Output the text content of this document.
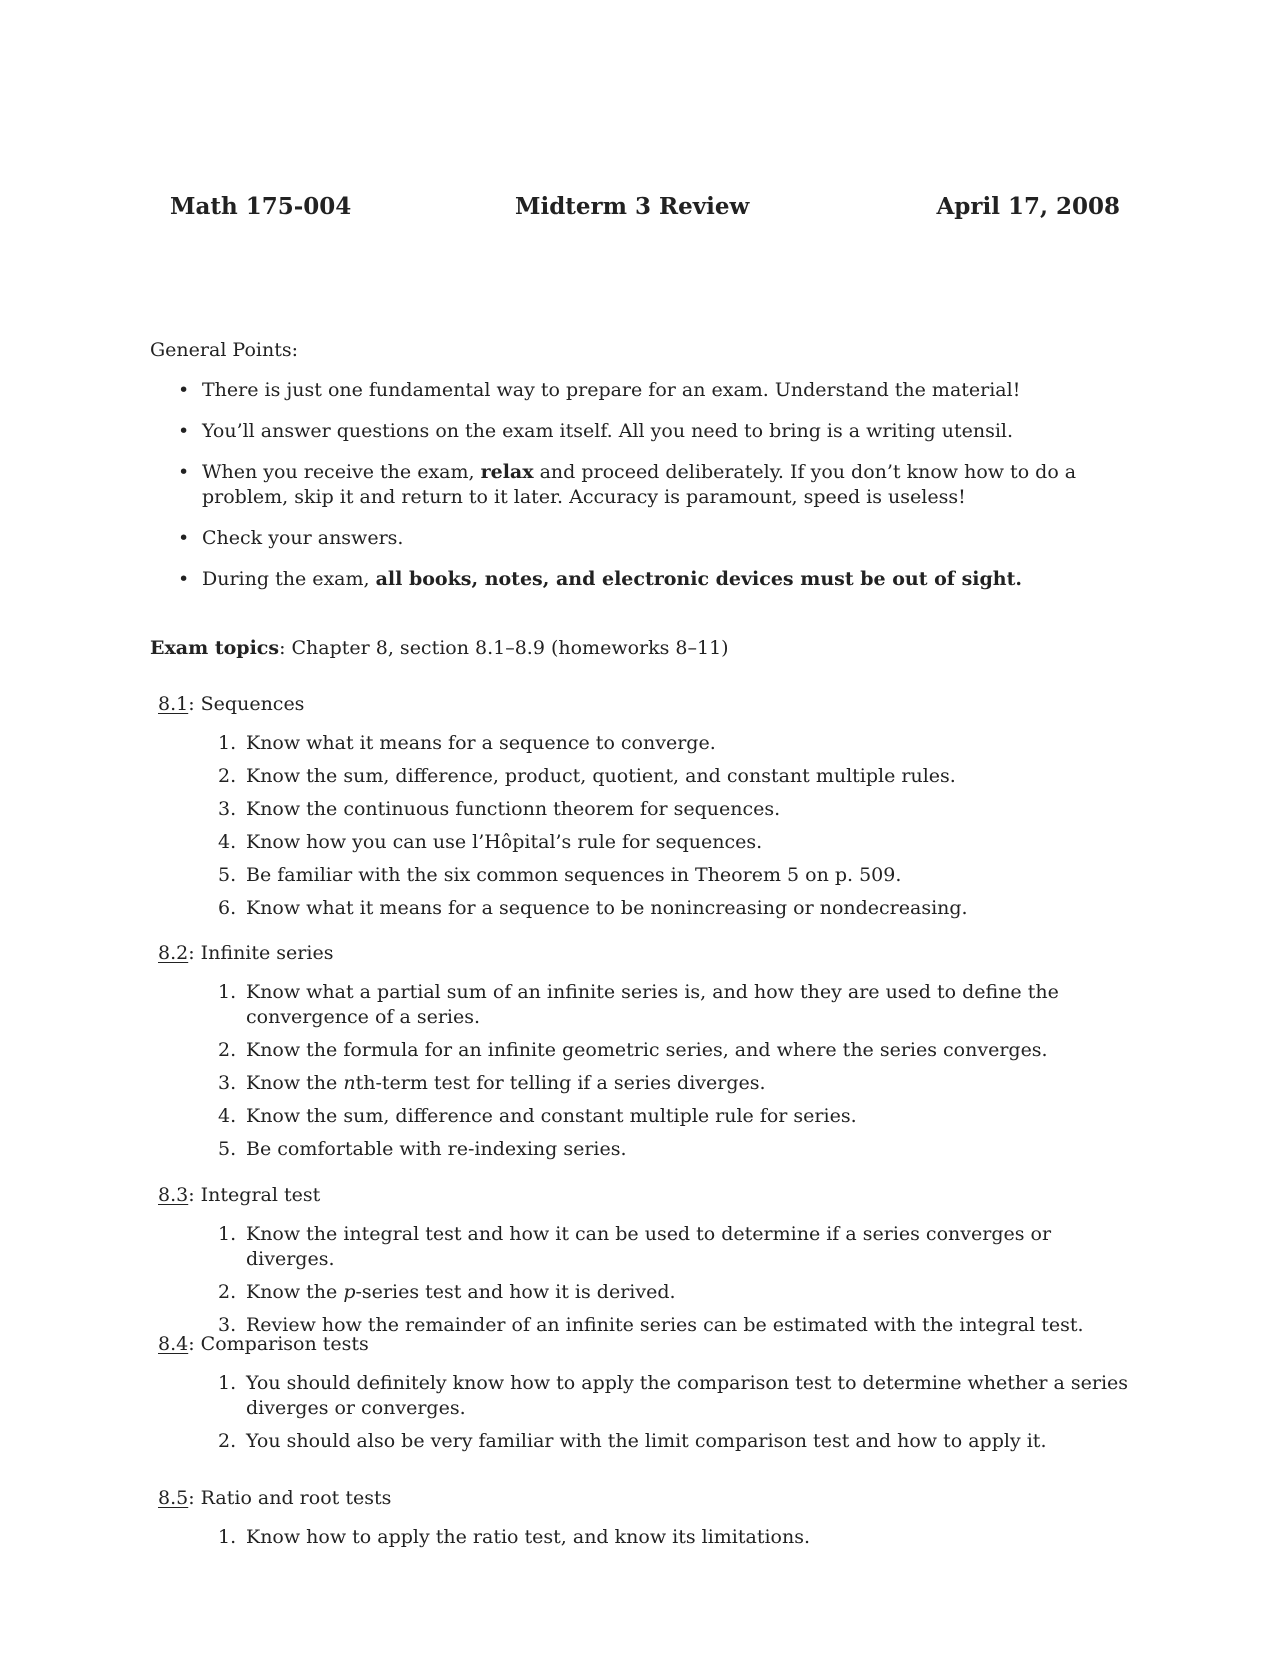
Math 175-004	Midterm 3 Review	April 17, 2008
General Points:
• There is just one fundamental way to prepare for an exam. Understand the material!
• You’ll answer questions on the exam itself. All you need to bring is a writing utensil.
• When you receive the exam, relax and proceed deliberately. If you don’t know how to do a problem, skip it and return to it later. Accuracy is paramount, speed is useless!
• Check your answers.
• During the exam, all books, notes, and electronic devices must be out of sight.
Exam topics: Chapter 8, section 8.1–8.9 (homeworks 8–11)

8.1: Sequences

1. Know what it means for a sequence to converge.
2. Know the sum, difference, product, quotient, and constant multiple rules.
3. Know the continuous functionn theorem for sequences.
4. Know how you can use l’Hôpital’s rule for sequences.
5. Be familiar with the six common sequences in Theorem 5 on p. 509.
6. Know what it means for a sequence to be nonincreasing or nondecreasing.

8.2: Infinite series

1. Know what a partial sum of an infinite series is, and how they are used to define the convergence of a series.
2. Know the formula for an infinite geometric series, and where the series converges.
3. Know the nth-term test for telling if a series diverges.
4. Know the sum, difference and constant multiple rule for series.
5. Be comfortable with re-indexing series.

8.3: Integral test

1. Know the integral test and how it can be used to determine if a series converges or diverges.
2. Know the p-series test and how it is derived.
3. Review how the remainder of an infinite series can be estimated with the integral test.

8.4: Comparison tests

1. You should definitely know how to apply the comparison test to determine whether a series diverges or converges.
2. You should also be very familiar with the limit comparison test and how to apply it.

8.5: Ratio and root tests

1. Know how to apply the ratio test, and know its limitations.
